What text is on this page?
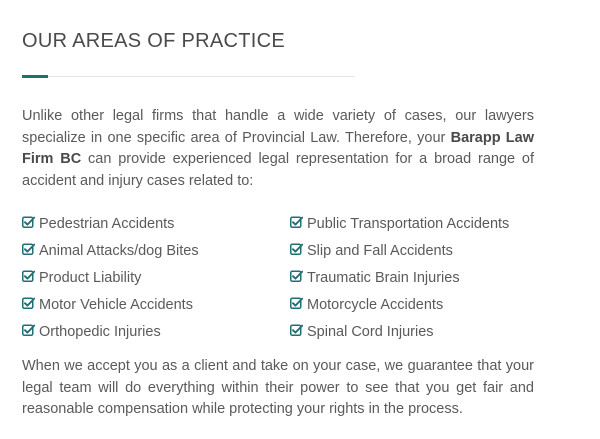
OUR AREAS OF PRACTICE

Unlike other legal firms that handle a wide variety of cases, our lawyers specialize in one specific area of Provincial Law. Therefore, your Barapp Law Firm BC can provide experienced legal representation for a broad range of accident and injury cases related to:

Pedestrian Accidents
Animal Attacks/dog Bites
Product Liability
Motor Vehicle Accidents
Orthopedic Injuries
Public Transportation Accidents
Slip and Fall Accidents
Traumatic Brain Injuries
Motorcycle Accidents
Spinal Cord Injuries

When we accept you as a client and take on your case, we guarantee that your legal team will do everything within their power to see that you get fair and reasonable compensation while protecting your rights in the process.
